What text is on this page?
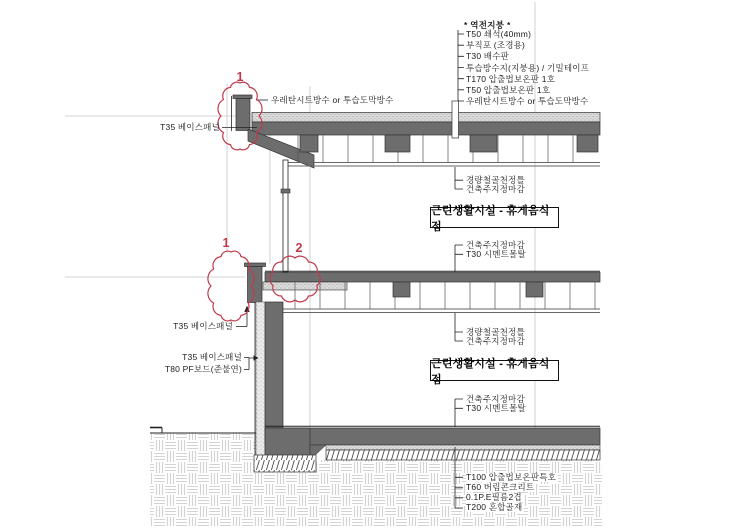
* 역전지붕 *
T50 쇄석(40mm)
부직포 (조경용)
T30 배수판
투습방수지(지붕용) / 기밀테이프
T170 압출법보온판 1호
T50 압출법보온판 1호
우레탄시트방수 or 투습도막방수
우레탄시트방수 or 투습도막방수
T35 베이스패널
T35 베이스패널
T35 베이스패널
T80 PF보드(준불연)
경량철골천정틀
건축주지정마감
건축주지정마감
T30 시멘트몰탈
경량철골천정틀
건축주지정마감
건축주지정마감
T30 시멘트몰탈
근린생활시설 - 휴게음식점
근린생활시설 - 휴게음식점
T100 압출법보온판특호
T60 버림콘크리트
0.1P.E필름2겹
T200 혼합골재
1
1	2
